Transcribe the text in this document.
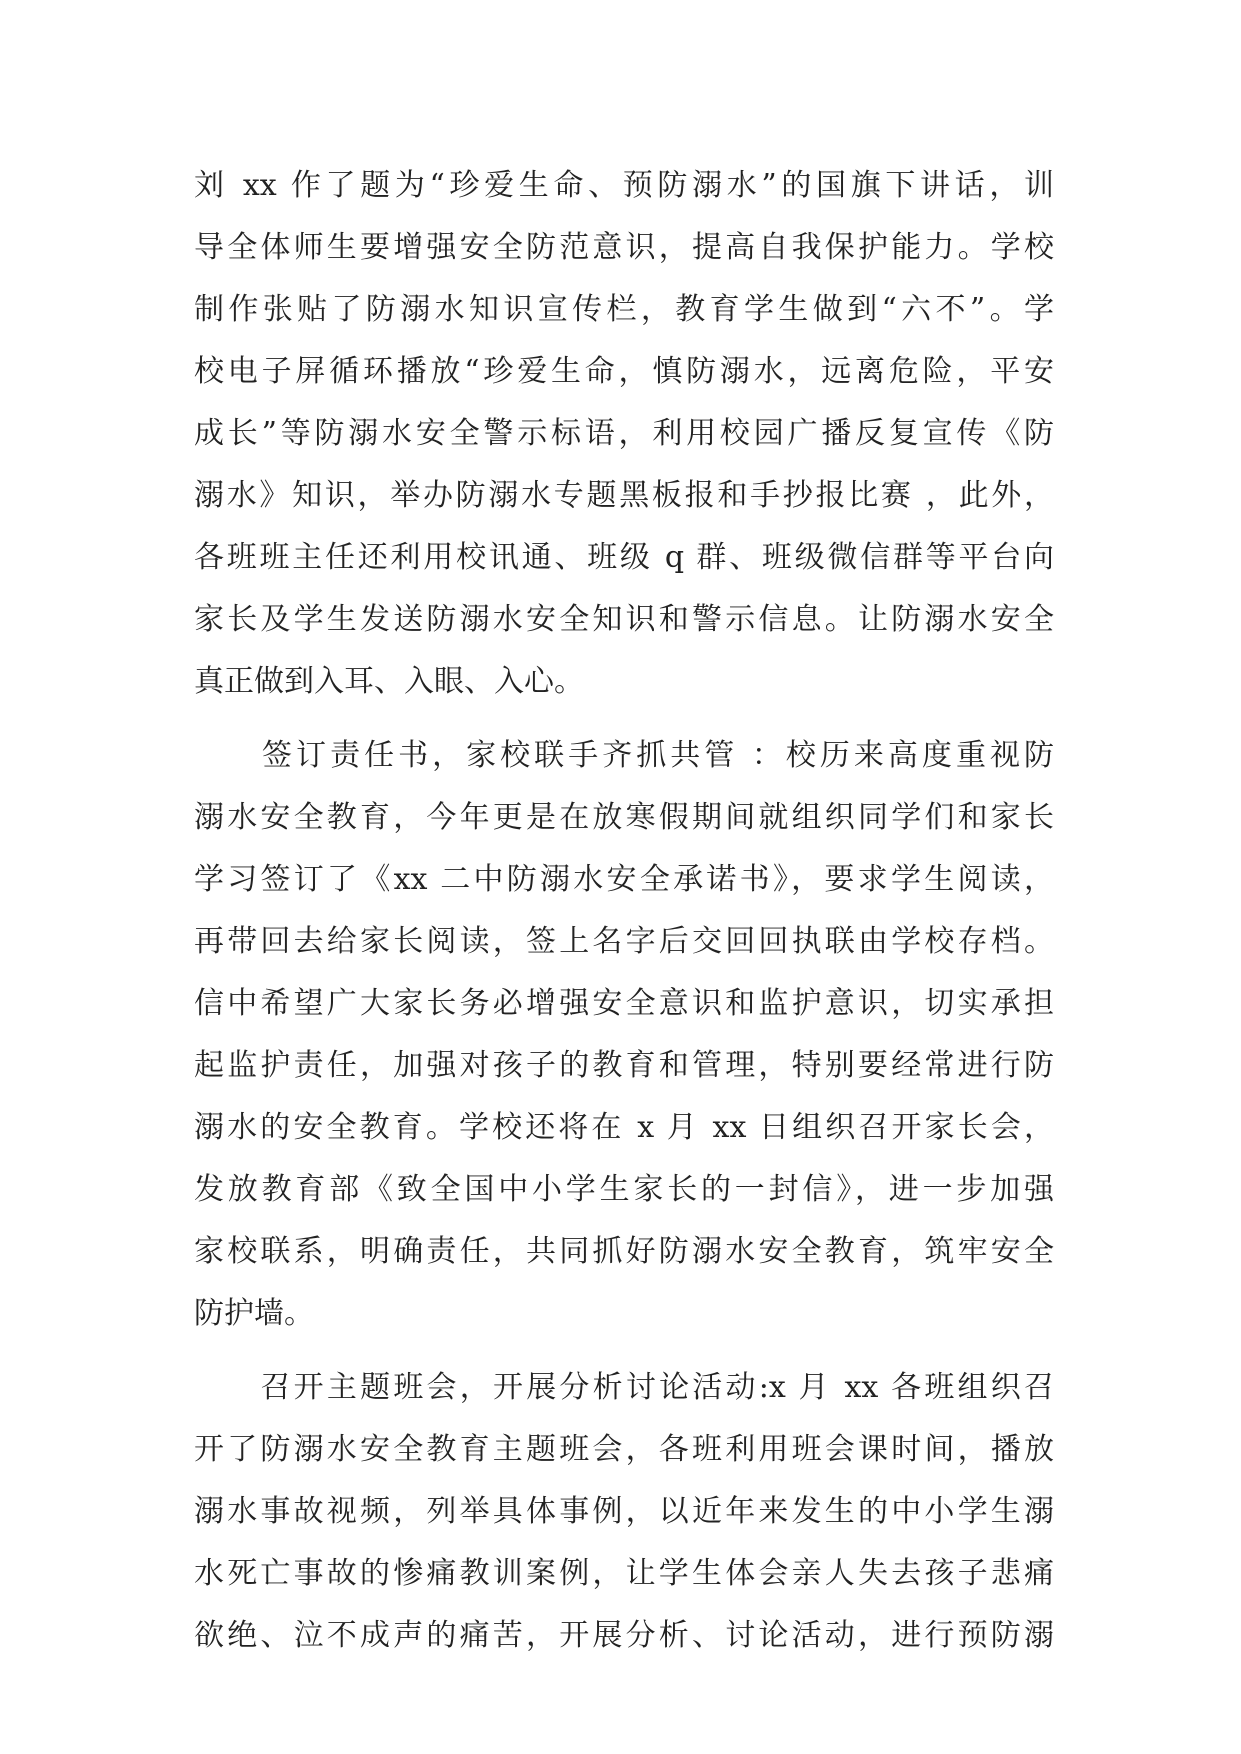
刘 xx 作了题为“珍爱生命、预防溺水”的国旗下讲话，训
导全体师生要增强安全防范意识，提高自我保护能力。学校
制作张贴了防溺水知识宣传栏，教育学生做到“六不”。学
校电子屏循环播放“珍爱生命，慎防溺水，远离危险，平安
成长”等防溺水安全警示标语，利用校园广播反复宣传《防
溺水》知识，举办防溺水专题黑板报和手抄报比赛 ，此外，
各班班主任还利用校讯通、班级 q 群、班级微信群等平台向
家长及学生发送防溺水安全知识和警示信息。让防溺水安全
真正做到入耳、入眼、入心。
　　签订责任书，家校联手齐抓共管 ：校历来高度重视防
溺水安全教育，今年更是在放寒假期间就组织同学们和家长
学习签订了《xx 二中防溺水安全承诺书》，要求学生阅读，
再带回去给家长阅读，签上名字后交回回执联由学校存档。
信中希望广大家长务必增强安全意识和监护意识，切实承担
起监护责任，加强对孩子的教育和管理，特别要经常进行防
溺水的安全教育。学校还将在 x 月 xx 日组织召开家长会，
发放教育部《致全国中小学生家长的一封信》，进一步加强
家校联系，明确责任，共同抓好防溺水安全教育，筑牢安全
防护墙。
　　召开主题班会，开展分析讨论活动:x 月 xx 各班组织召
开了防溺水安全教育主题班会，各班利用班会课时间，播放
溺水事故视频，列举具体事例，以近年来发生的中小学生溺
水死亡事故的惨痛教训案例，让学生体会亲人失去孩子悲痛
欲绝、泣不成声的痛苦，开展分析、讨论活动，进行预防溺
